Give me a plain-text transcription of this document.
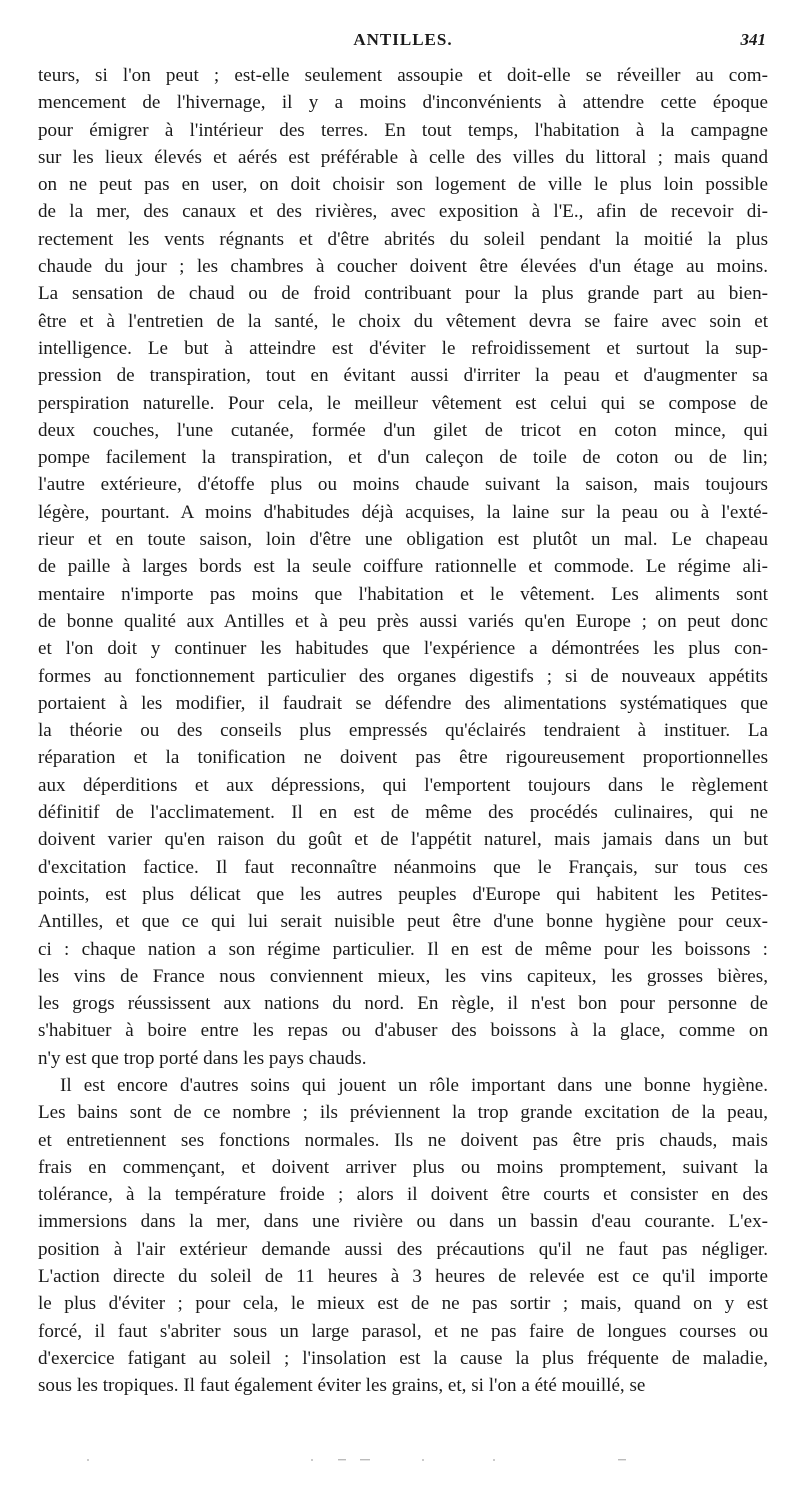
ANTILLES.	341
teurs, si l'on peut ; est-elle seulement assoupie et doit-elle se réveiller au com-
mencement de l'hivernage, il y a moins d'inconvénients à attendre cette époque
pour émigrer à l'intérieur des terres. En tout temps, l'habitation à la campagne
sur les lieux élevés et aérés est préférable à celle des villes du littoral ; mais quand
on ne peut pas en user, on doit choisir son logement de ville le plus loin possible
de la mer, des canaux et des rivières, avec exposition à l'E., afin de recevoir di-
rectement les vents régnants et d'être abrités du soleil pendant la moitié la plus
chaude du jour ; les chambres à coucher doivent être élevées d'un étage au moins.
La sensation de chaud ou de froid contribuant pour la plus grande part au bien-
être et à l'entretien de la santé, le choix du vêtement devra se faire avec soin et
intelligence. Le but à atteindre est d'éviter le refroidissement et surtout la sup-
pression de transpiration, tout en évitant aussi d'irriter la peau et d'augmenter sa
perspiration naturelle. Pour cela, le meilleur vêtement est celui qui se compose de
deux couches, l'une cutanée, formée d'un gilet de tricot en coton mince, qui
pompe facilement la transpiration, et d'un caleçon de toile de coton ou de lin;
l'autre extérieure, d'étoffe plus ou moins chaude suivant la saison, mais toujours
légère, pourtant. A moins d'habitudes déjà acquises, la laine sur la peau ou à l'exté-
rieur et en toute saison, loin d'être une obligation est plutôt un mal. Le chapeau
de paille à larges bords est la seule coiffure rationnelle et commode. Le régime ali-
mentaire n'importe pas moins que l'habitation et le vêtement. Les aliments sont
de bonne qualité aux Antilles et à peu près aussi variés qu'en Europe ; on peut donc
et l'on doit y continuer les habitudes que l'expérience a démontrées les plus con-
formes au fonctionnement particulier des organes digestifs ; si de nouveaux appétits
portaient à les modifier, il faudrait se défendre des alimentations systématiques que
la théorie ou des conseils plus empressés qu'éclairés tendraient à instituer. La
réparation et la tonification ne doivent pas être rigoureusement proportionnelles
aux déperditions et aux dépressions, qui l'emportent toujours dans le règlement
définitif de l'acclimatement. Il en est de même des procédés culinaires, qui ne
doivent varier qu'en raison du goût et de l'appétit naturel, mais jamais dans un but
d'excitation factice. Il faut reconnaître néanmoins que le Français, sur tous ces
points, est plus délicat que les autres peuples d'Europe qui habitent les Petites-
Antilles, et que ce qui lui serait nuisible peut être d'une bonne hygiène pour ceux-
ci : chaque nation a son régime particulier. Il en est de même pour les boissons :
les vins de France nous conviennent mieux, les vins capiteux, les grosses bières,
les grogs réussissent aux nations du nord. En règle, il n'est bon pour personne de
s'habituer à boire entre les repas ou d'abuser des boissons à la glace, comme on
n'y est que trop porté dans les pays chauds.
Il est encore d'autres soins qui jouent un rôle important dans une bonne hygiène.
Les bains sont de ce nombre ; ils préviennent la trop grande excitation de la peau,
et entretiennent ses fonctions normales. Ils ne doivent pas être pris chauds, mais
frais en commençant, et doivent arriver plus ou moins promptement, suivant la
tolérance, à la température froide ; alors il doivent être courts et consister en des
immersions dans la mer, dans une rivière ou dans un bassin d'eau courante. L'ex-
position à l'air extérieur demande aussi des précautions qu'il ne faut pas négliger.
L'action directe du soleil de 11 heures à 3 heures de relevée est ce qu'il importe
le plus d'éviter ; pour cela, le mieux est de ne pas sortir ; mais, quand on y est
forcé, il faut s'abriter sous un large parasol, et ne pas faire de longues courses ou
d'exercice fatigant au soleil ; l'insolation est la cause la plus fréquente de maladie,
sous les tropiques. Il faut également éviter les grains, et, si l'on a été mouillé, se
